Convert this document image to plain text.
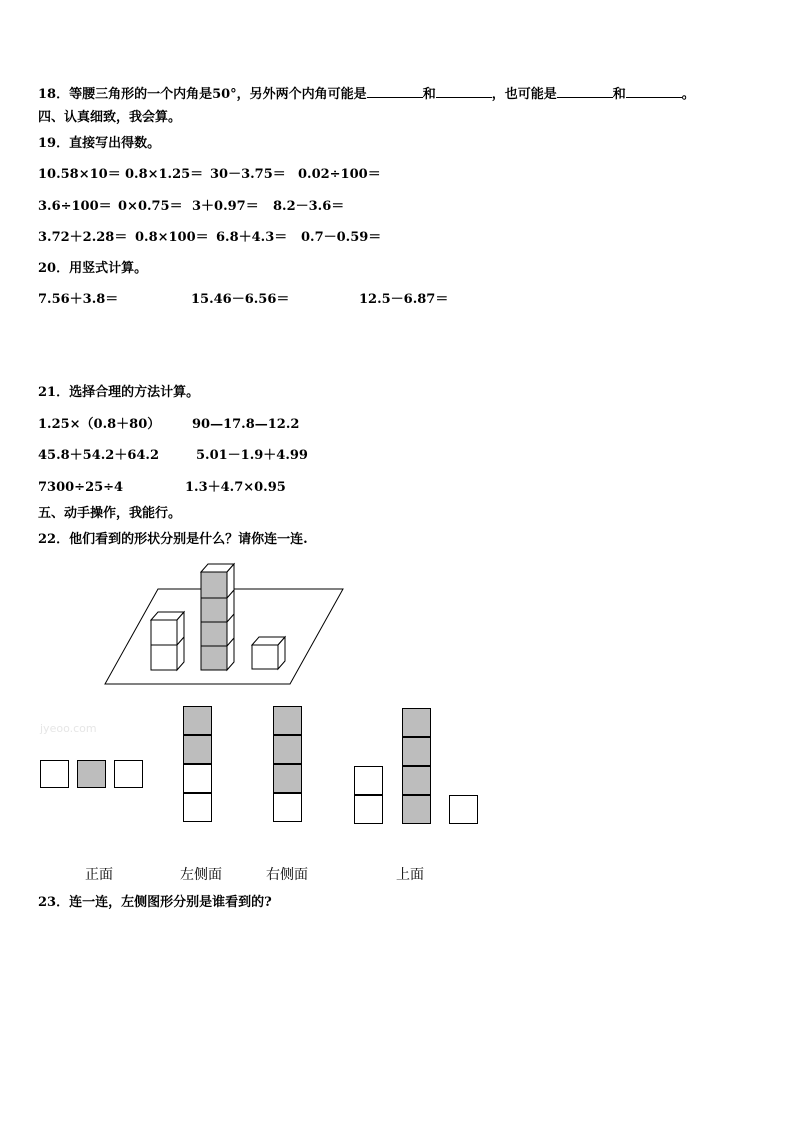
18．等腰三角形的一个内角是50°，另外两个内角可能是	和	，也可能是	和	。
四、认真细致，我会算。
19．直接写出得数。
10.58×10＝ 0.8×1.25＝ 30－3.75＝ 0.02÷100＝
3.6÷100＝ 0×0.75＝ 3＋0.97＝ 8.2－3.6＝
3.72＋2.28＝ 0.8×100＝ 6.8＋4.3＝ 0.7－0.59＝
20．用竖式计算。
7.56＋3.8＝	15.46－6.56＝	12.5－6.87＝
21．选择合理的方法计算。
1.25×（0.8＋80） 90—17.8—12.2
45.8＋54.2＋64.2	5.01－1.9＋4.99
7300÷25÷4	1.3＋4.7×0.95
五、动手操作，我能行。
22．他们看到的形状分别是什么？请你连一连.
jyeoo.com
正面	左侧面	右侧面	上面
23．连一连，左侧图形分别是谁看到的?
